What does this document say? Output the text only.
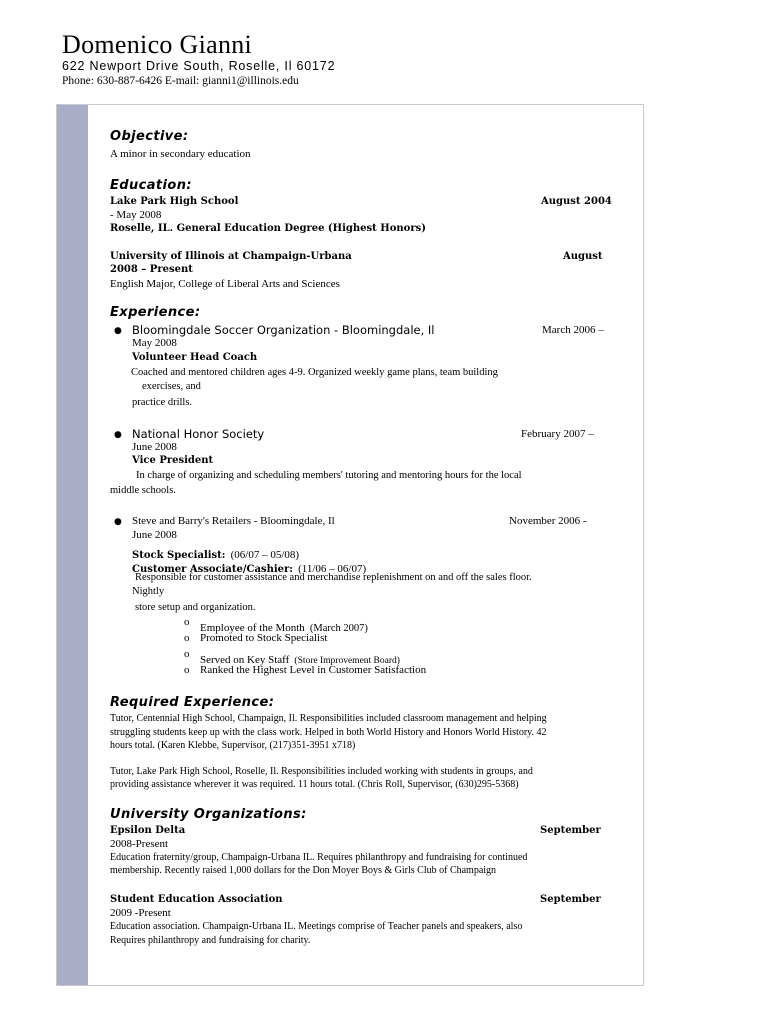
Domenico Gianni
622 Newport Drive South, Roselle, Il 60172
Phone: 630-887-6426 E-mail: gianni1@illinois.edu
Objective:
A minor in secondary education
Education:
Lake Park High School	August 2004
- May 2008
Roselle, IL. General Education Degree (Highest Honors)
University of Illinois at Champaign-Urbana	August
2008 – Present
English Major, College of Liberal Arts and Sciences
Experience:
● Bloomingdale Soccer Organization - Bloomingdale, Il	March 2006 –
May 2008
Volunteer Head Coach
Coached and mentored children ages 4-9. Organized weekly game plans, team building
exercises, and
practice drills.
● National Honor Society	February 2007 –
June 2008
Vice President
In charge of organizing and scheduling members' tutoring and mentoring hours for the local
middle schools.
● Steve and Barry's Retailers - Bloomingdale, Il	November 2006 -
June 2008
Stock Specialist: (06/07 – 05/08)
Customer Associate/Cashier: (11/06 – 06/07)
Responsible for customer assistance and merchandise replenishment on and off the sales floor.
Nightly
store setup and organization.
o Employee of the Month (March 2007)
o Promoted to Stock Specialist
o Served on Key Staff (Store Improvement Board)
o Ranked the Highest Level in Customer Satisfaction
Required Experience:
Tutor, Centennial High School, Champaign, Il. Responsibilities included classroom management and helping
struggling students keep up with the class work. Helped in both World History and Honors World History. 42
hours total. (Karen Klebbe, Supervisor, (217)351-3951 x718)
Tutor, Lake Park High School, Roselle, Il. Responsibilities included working with students in groups, and
providing assistance wherever it was required. 11 hours total. (Chris Roll, Supervisor, (630)295-5368)
University Organizations:
Epsilon Delta	September
2008-Present
Education fraternity/group, Champaign-Urbana IL. Requires philanthropy and fundraising for continued
membership. Recently raised 1,000 dollars for the Don Moyer Boys & Girls Club of Champaign
Student Education Association	September
2009 -Present
Education association. Champaign-Urbana IL. Meetings comprise of Teacher panels and speakers, also
Requires philanthropy and fundraising for charity.
